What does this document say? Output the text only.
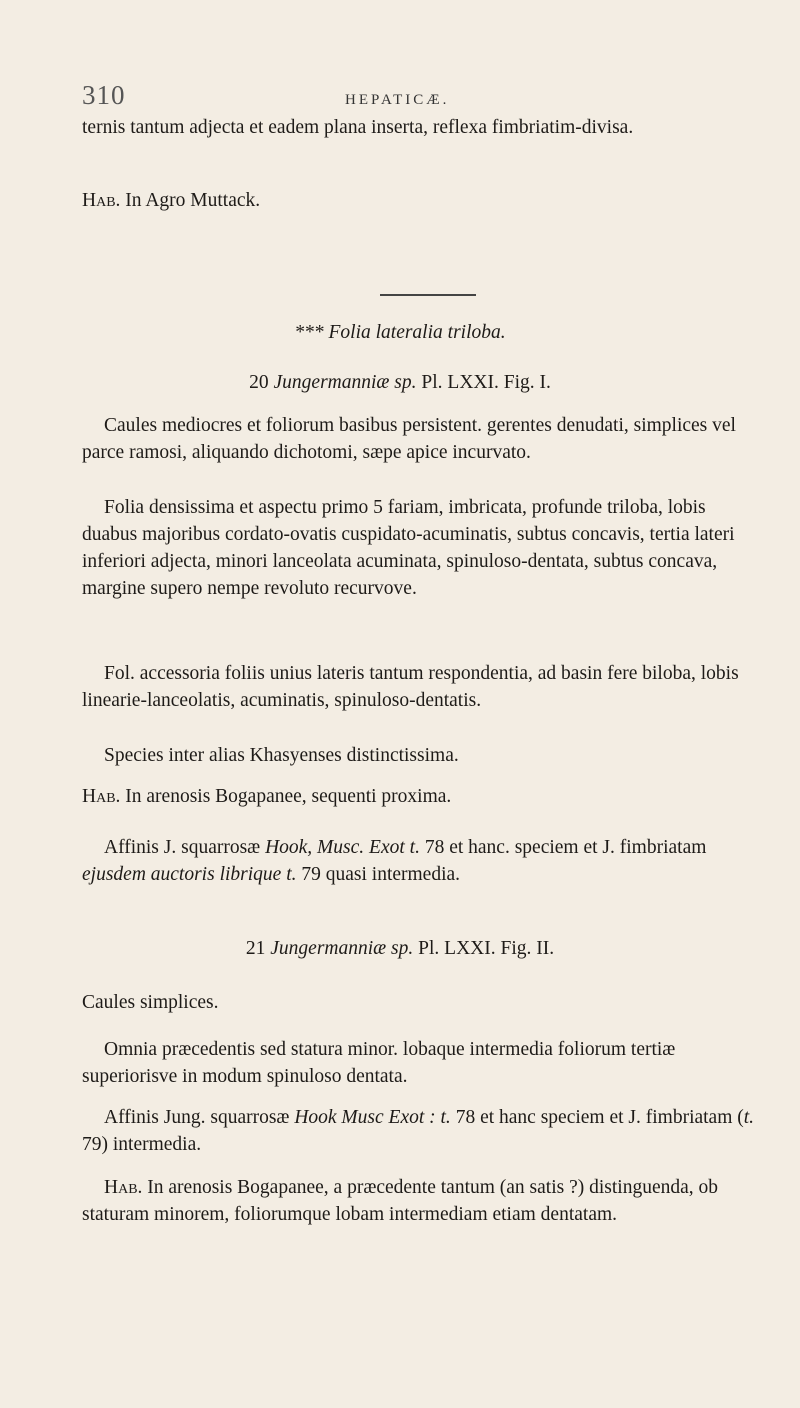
310	HEPATICÆ.

ternis tantum adjecta et eadem plana inserta, reflexa fimbriatim-divisa.

Hab. In Agro Muttack.

*** Folia lateralia triloba.
20 Jungermanniæ sp. Pl. LXXI. Fig. I.

Caules mediocres et foliorum basibus persistent. gerentes denudati, simplices vel parce ramosi, aliquando dichotomi, sæpe apice incurvato.

Folia densissima et aspectu primo 5 fariam, imbricata, profunde triloba, lobis duabus majoribus cordato-ovatis cuspidato-acuminatis, subtus concavis, tertia lateri inferiori adjecta, minori lanceolata acuminata, spinuloso-dentata, subtus concava, margine supero nempe revoluto recurvove.

Fol. accessoria foliis unius lateris tantum respondentia, ad basin fere biloba, lobis linearie-lanceolatis, acuminatis, spinuloso-dentatis.

Species inter alias Khasyenses distinctissima.

Hab. In arenosis Bogapanee, sequenti proxima.

Affinis J. squarrosæ Hook, Musc. Exot t. 78 et hanc. speciem et J. fimbriatam ejusdem auctoris librique t. 79 quasi intermedia.

21 Jungermanniæ sp. Pl. LXXI. Fig. II.

Caules simplices.

Omnia præcedentis sed statura minor. lobaque intermedia foliorum tertiæ superiorisve in modum spinuloso dentata.

Affinis Jung. squarrosæ Hook Musc Exot : t. 78 et hanc speciem et J. fimbriatam (t. 79) intermedia.

Hab. In arenosis Bogapanee, a præcedente tantum (an satis ?) distinguenda, ob staturam minorem, foliorumque lobam intermediam etiam dentatam.
